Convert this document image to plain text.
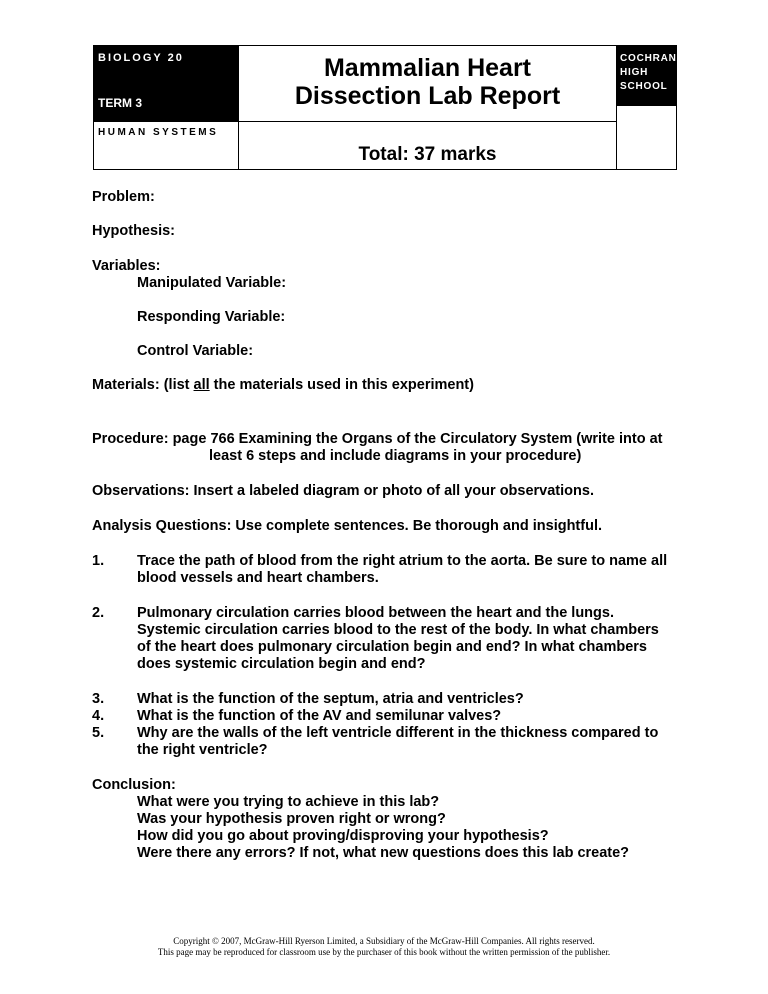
BIOLOGY 20
TERM 3
HUMAN SYSTEMS
Mammalian Heart
Dissection Lab Report
Total: 37 marks
COCHRANE
HIGH
SCHOOL
Problem:
Hypothesis:
Variables:
Manipulated Variable:
Responding Variable:
Control Variable:
Materials: (list all the materials used in this experiment)
Procedure: page 766 Examining the Organs of the Circulatory System (write into at
least 6 steps and include diagrams in your procedure)
Observations: Insert a labeled diagram or photo of all your observations.
Analysis Questions: Use complete sentences. Be thorough and insightful.
1. Trace the path of blood from the right atrium to the aorta. Be sure to name all
blood vessels and heart chambers.
2. Pulmonary circulation carries blood between the heart and the lungs.
Systemic circulation carries blood to the rest of the body. In what chambers
of the heart does pulmonary circulation begin and end? In what chambers
does systemic circulation begin and end?
3. What is the function of the septum, atria and ventricles?
4. What is the function of the AV and semilunar valves?
5. Why are the walls of the left ventricle different in the thickness compared to
the right ventricle?
Conclusion:
What were you trying to achieve in this lab?
Was your hypothesis proven right or wrong?
How did you go about proving/disproving your hypothesis?
Were there any errors? If not, what new questions does this lab create?
Copyright © 2007, McGraw-Hill Ryerson Limited, a Subsidiary of the McGraw-Hill Companies. All rights reserved.
This page may be reproduced for classroom use by the purchaser of this book without the written permission of the publisher.
